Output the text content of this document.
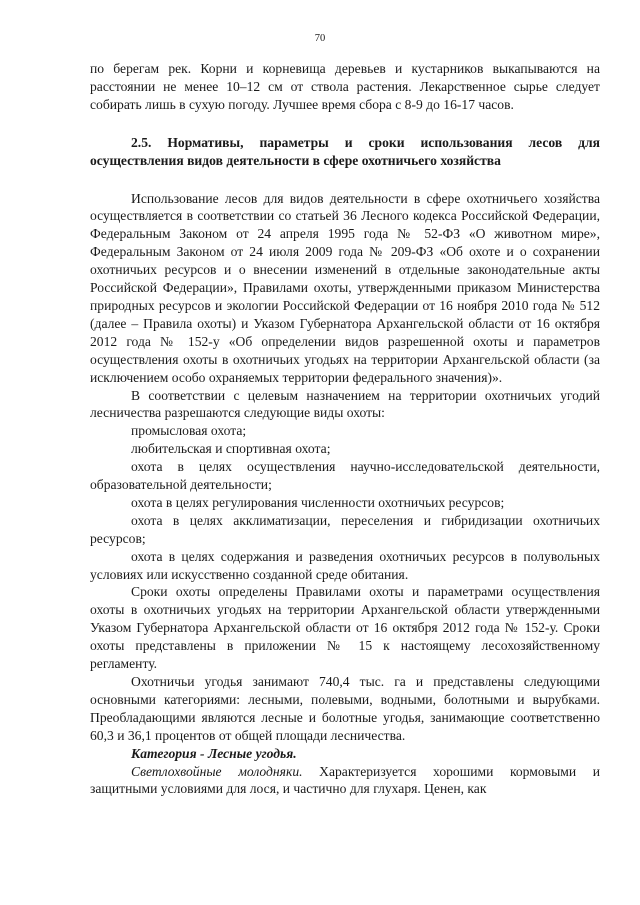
70

по берегам рек. Корни и корневища деревьев и кустарников выкапываются на расстоянии не менее 10–12 см от ствола растения. Лекарственное сырье следует собирать лишь в сухую погоду. Лучшее время сбора с 8-9 до 16-17 часов.

2.5. Нормативы, параметры и сроки использования лесов для осуществления видов деятельности в сфере охотничьего хозяйства

Использование лесов для видов деятельности в сфере охотничьего хозяйства осуществляется в соответствии со статьей 36 Лесного кодекса Российской Федерации, Федеральным Законом от 24 апреля 1995 года № 52-ФЗ «О животном мире», Федеральным Законом от 24 июля 2009 года № 209-ФЗ «Об охоте и о сохранении охотничьих ресурсов и о внесении изменений в отдельные законодательные акты Российской Федерации», Правилами охоты, утвержденными приказом Министерства природных ресурсов и экологии Российской Федерации от 16 ноября 2010 года № 512 (далее – Правила охоты) и Указом Губернатора Архангельской области от 16 октября 2012 года № 152-у «Об определении видов разрешенной охоты и параметров осуществления охоты в охотничьих угодьях на территории Архангельской области (за исключением особо охраняемых территории федерального значения)».

В соответствии с целевым назначением на территории охотничьих угодий лесничества разрешаются следующие виды охоты:

промысловая охота;

любительская и спортивная охота;

охота в целях осуществления научно-исследовательской деятельности, образовательной деятельности;

охота в целях регулирования численности охотничьих ресурсов;

охота в целях акклиматизации, переселения и гибридизации охотничьих ресурсов;

охота в целях содержания и разведения охотничьих ресурсов в полувольных условиях или искусственно созданной среде обитания.

Сроки охоты определены Правилами охоты и параметрами осуществления охоты в охотничьих угодьях на территории Архангельской области утвержденными Указом Губернатора Архангельской области от 16 октября 2012 года № 152-у. Сроки охоты представлены в приложении № 15 к настоящему лесохозяйственному регламенту.

Охотничьи угодья занимают 740,4 тыс. га и представлены следующими основными категориями: лесными, полевыми, водными, болотными и вырубками. Преобладающими являются лесные и болотные угодья, занимающие соответственно 60,3 и 36,1 процентов от общей площади лесничества.

Категория - Лесные угодья.

Светлохвойные молодняки. Характеризуется хорошими кормовыми и защитными условиями для лося, и частично для глухаря. Ценен, как
